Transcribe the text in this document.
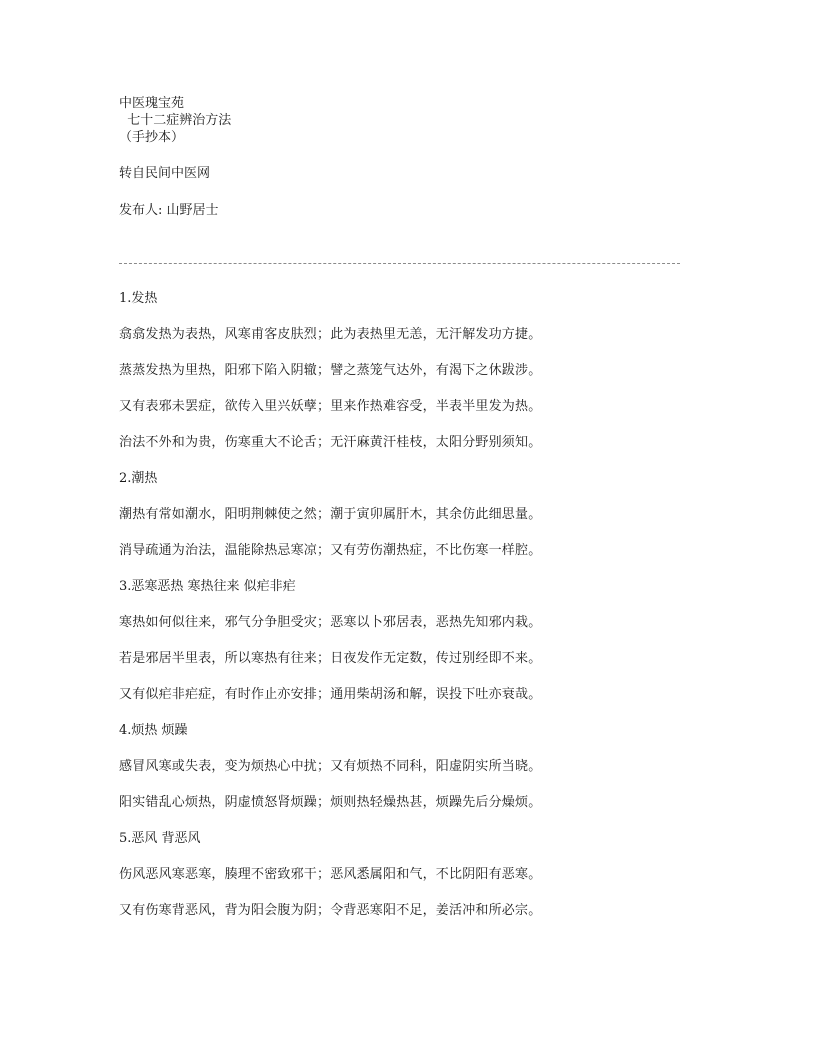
中医瑰宝苑
七十二症辨治方法
（手抄本）
转自民间中医网
发布人: 山野居士

1.发热

翕翕发热为表热，风寒甫客皮肤烈；此为表热里无恙，无汗解发功方捷。

蒸蒸发热为里热，阳邪下陷入阴辙；譬之蒸笼气达外，有渴下之休跋涉。

又有表邪未罢症，欲传入里兴妖孽；里来作热难容受，半表半里发为热。

治法不外和为贵，伤寒重大不论舌；无汗麻黄汗桂枝，太阳分野别须知。

2.潮热

潮热有常如潮水，阳明荆棘使之然；潮于寅卯属肝木，其余仿此细思量。

消导疏通为治法，温能除热忌寒凉；又有劳伤潮热症，不比伤寒一样腔。

3.恶寒恶热 寒热往来 似疟非疟

寒热如何似往来，邪气分争胆受灾；恶寒以卜邪居表，恶热先知邪内栽。

若是邪居半里表，所以寒热有往来；日夜发作无定数，传过别经即不来。

又有似疟非疟症，有时作止亦安排；通用柴胡汤和解，误投下吐亦衰哉。

4.烦热 烦躁

感冒风寒或失表，变为烦热心中扰；又有烦热不同科，阳虚阴实所当晓。

阳实错乱心烦热，阴虚愤怒肾烦躁；烦则热轻燥热甚，烦躁先后分燥烦。

5.恶风 背恶风

伤风恶风寒恶寒，腠理不密致邪干；恶风悉属阳和气，不比阴阳有恶寒。

又有伤寒背恶风，背为阳会腹为阴；令背恶寒阳不足，姜活冲和所必宗。
